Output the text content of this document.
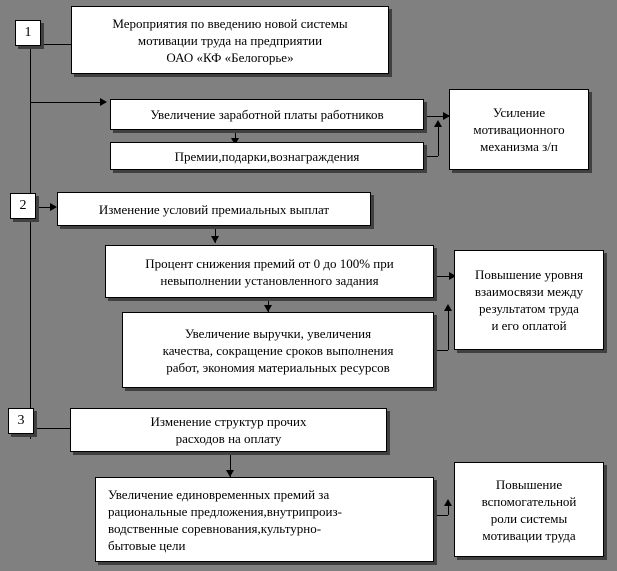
1
2
3
Мероприятия по введению новой системы
мотивации труда на предприятии
ОАО «КФ «Белогорье»
Увеличение заработной платы работников
Премии,подарки,вознаграждения
Усиление
мотивационного
механизма з/п
Изменение условий премиальных выплат
Процент снижения премий от 0 до 100% при
невыполнении установленного задания
Увеличение выручки, увеличения
качества, сокращение сроков выполнения
работ, экономия материальных ресурсов
Повышение уровня
взаимосвязи между
результатом труда
и его оплатой
Изменение структур прочих
расходов на оплату
Увеличение единовременных премий за
рациональные предложения,внутрипроиз-
водственные соревнования,культурно-
бытовые цели
Повышение
вспомогательной
роли системы
мотивации труда
